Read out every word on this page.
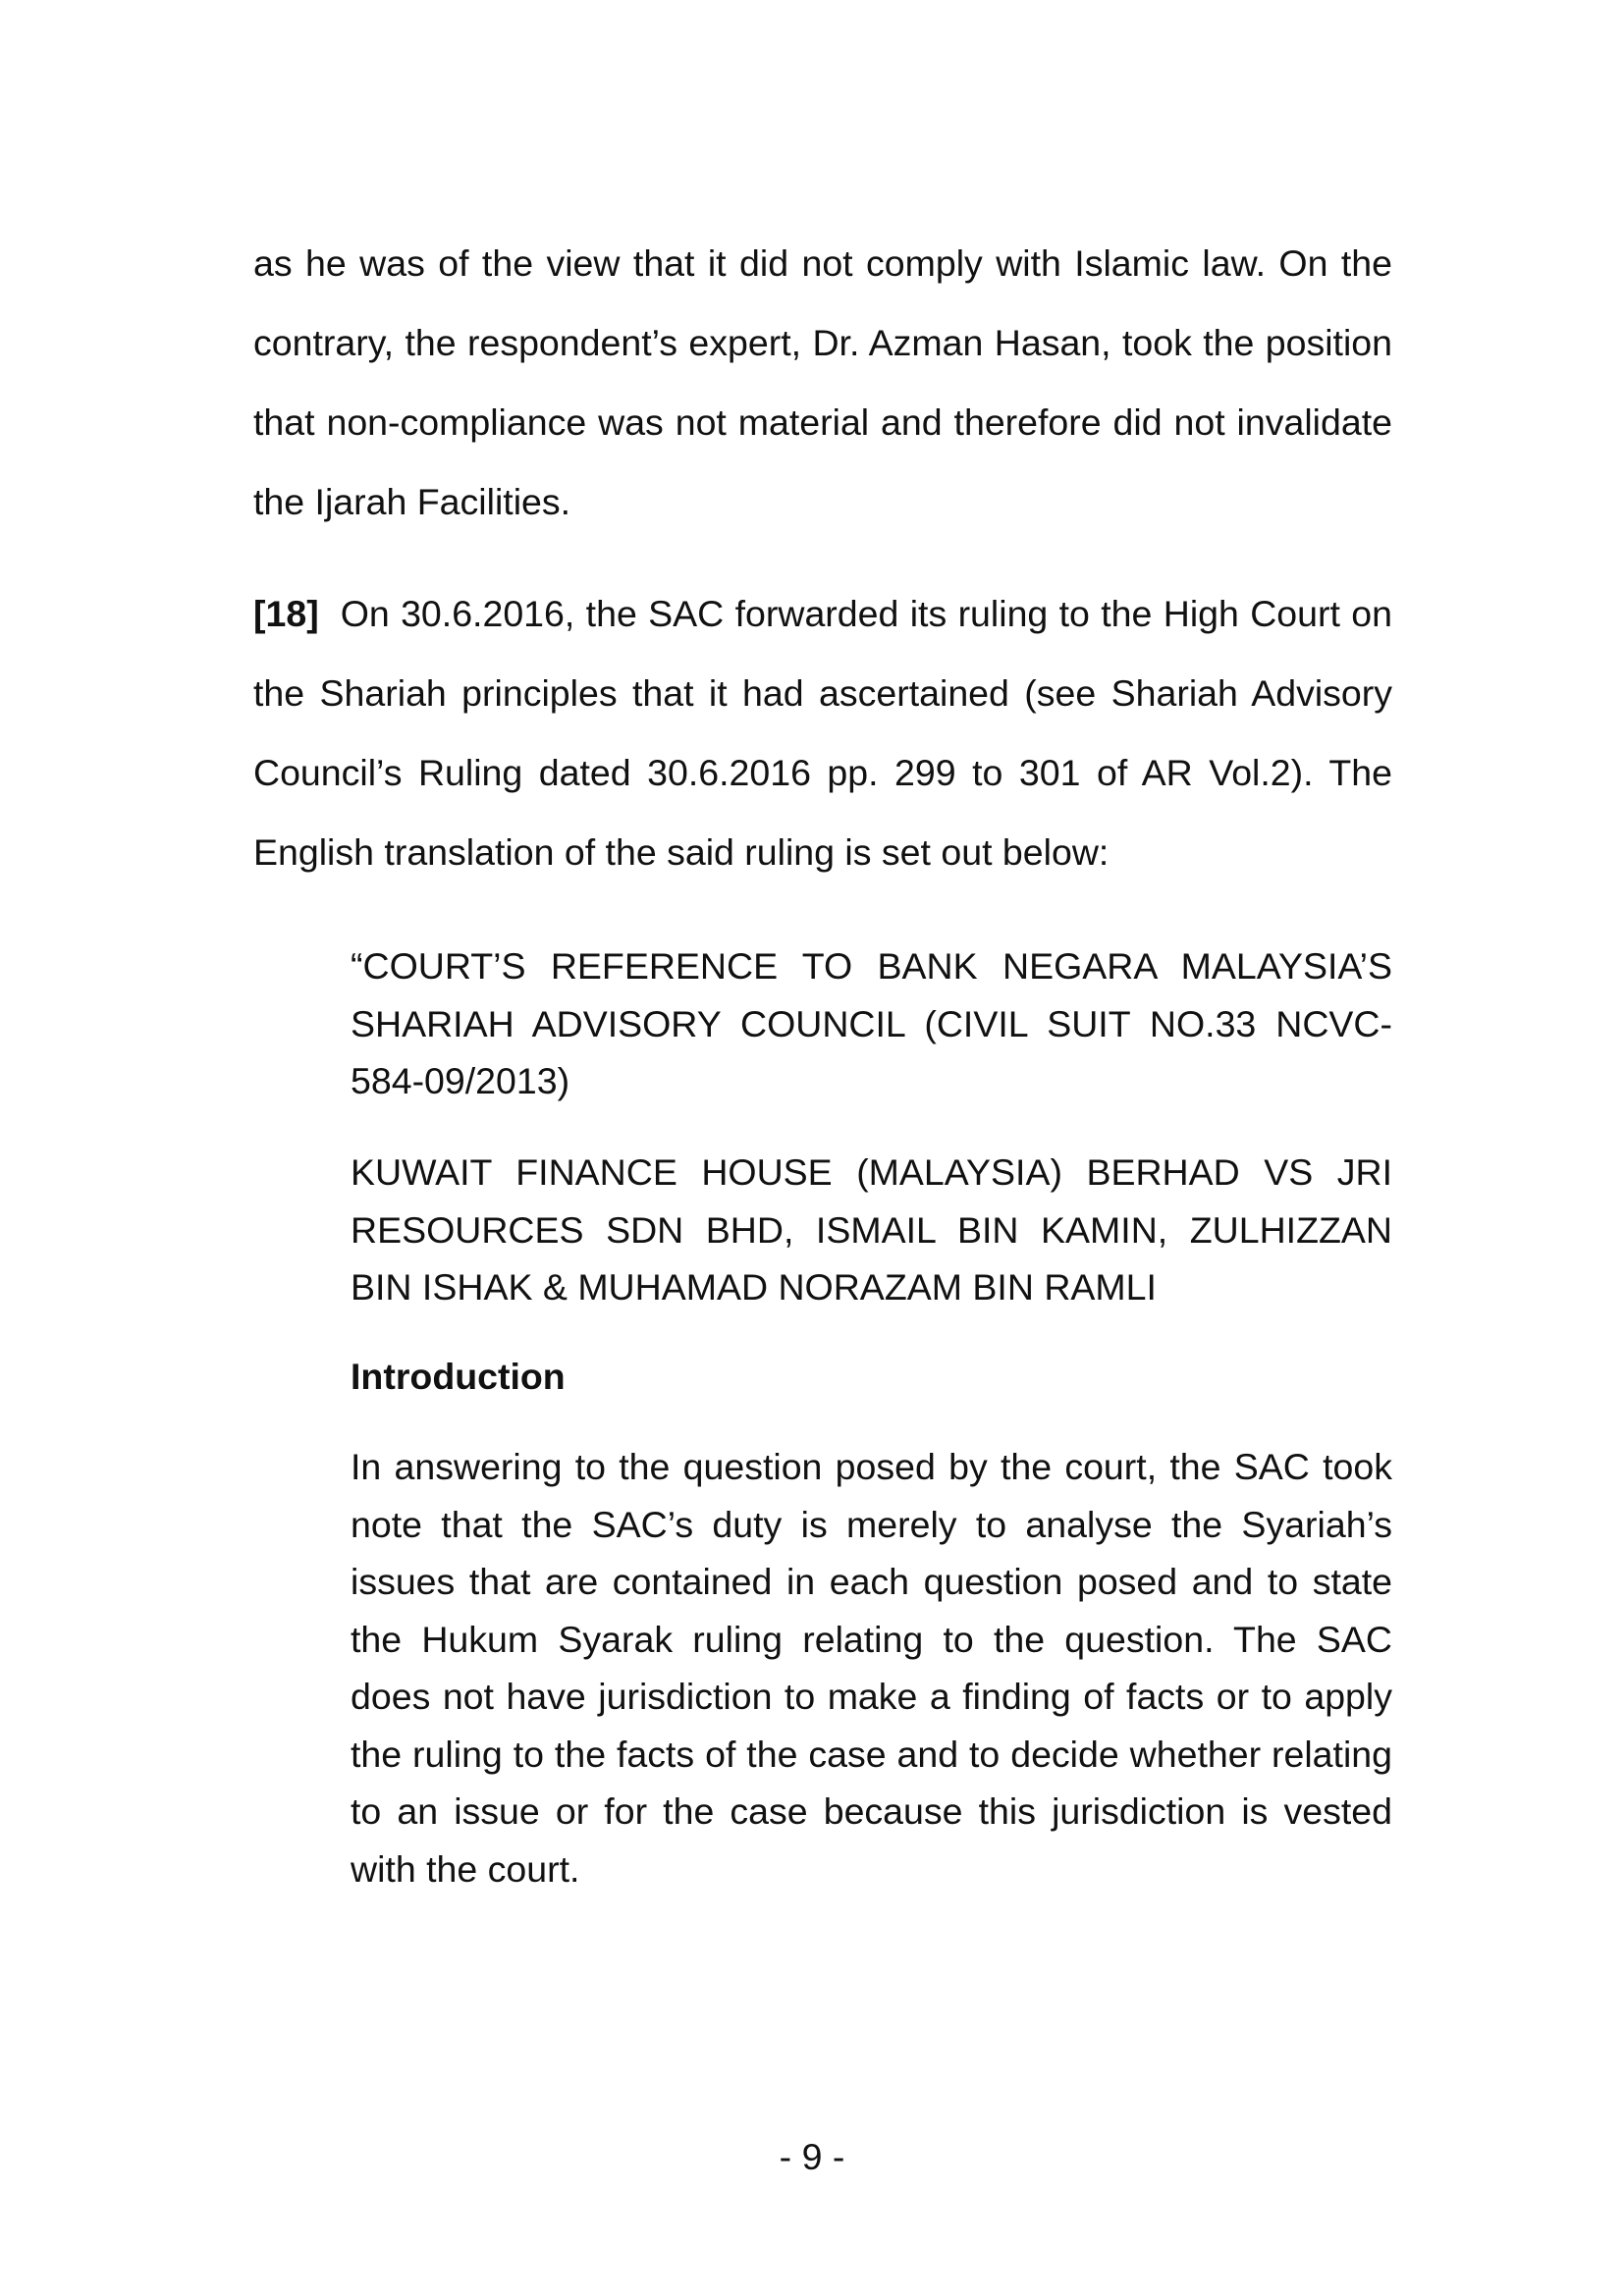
as he was of the view that it did not comply with Islamic law. On the contrary, the respondent’s expert, Dr. Azman Hasan, took the position that non-compliance was not material and therefore did not invalidate the Ijarah Facilities.

[18] On 30.6.2016, the SAC forwarded its ruling to the High Court on the Shariah principles that it had ascertained (see Shariah Advisory Council’s Ruling dated 30.6.2016 pp. 299 to 301 of AR Vol.2). The English translation of the said ruling is set out below:

“COURT’S REFERENCE TO BANK NEGARA MALAYSIA’S SHARIAH ADVISORY COUNCIL (CIVIL SUIT NO.33 NCVC-584-09/2013)

KUWAIT FINANCE HOUSE (MALAYSIA) BERHAD VS JRI RESOURCES SDN BHD, ISMAIL BIN KAMIN, ZULHIZZAN BIN ISHAK & MUHAMAD NORAZAM BIN RAMLI

Introduction

In answering to the question posed by the court, the SAC took note that the SAC’s duty is merely to analyse the Syariah’s issues that are contained in each question posed and to state the Hukum Syarak ruling relating to the question. The SAC does not have jurisdiction to make a finding of facts or to apply the ruling to the facts of the case and to decide whether relating to an issue or for the case because this jurisdiction is vested with the court.

- 9 -
